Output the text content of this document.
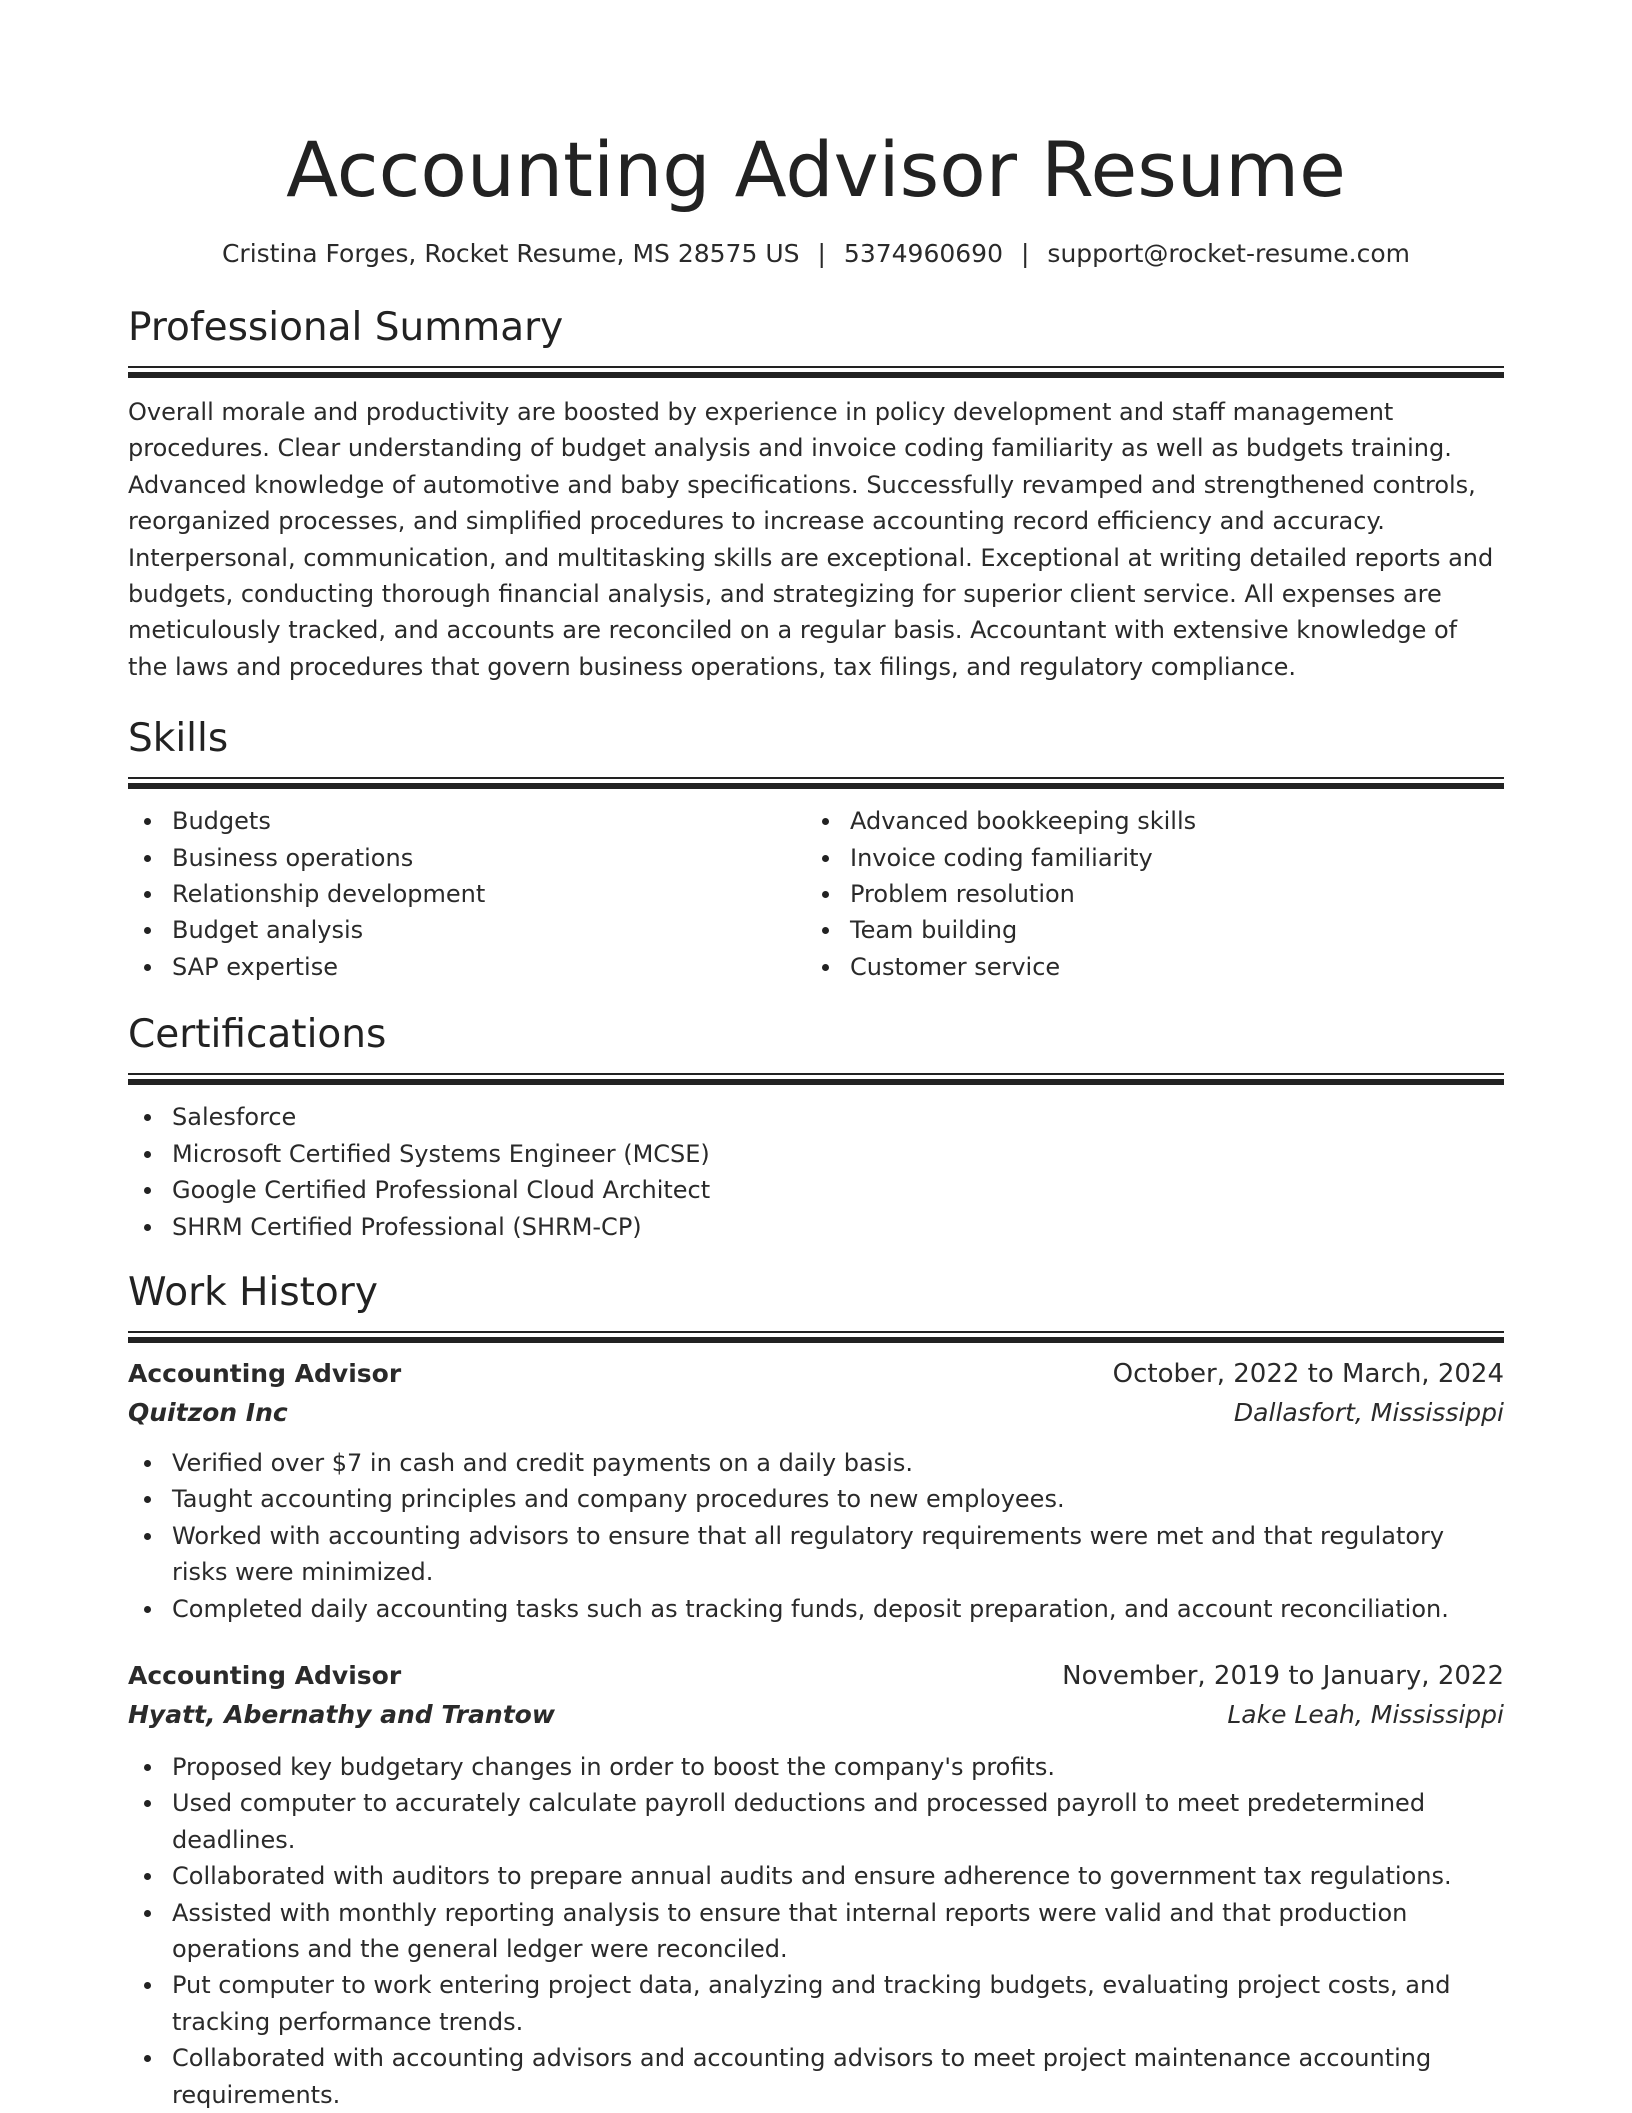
Accounting Advisor Resume
Cristina Forges, Rocket Resume, MS 28575 US | 5374960690 | support@rocket-resume.com
Professional Summary

Overall morale and productivity are boosted by experience in policy development and staff management procedures. Clear understanding of budget analysis and invoice coding familiarity as well as budgets training. Advanced knowledge of automotive and baby specifications. Successfully revamped and strengthened controls, reorganized processes, and simplified procedures to increase accounting record efficiency and accuracy. Interpersonal, communication, and multitasking skills are exceptional. Exceptional at writing detailed reports and budgets, conducting thorough financial analysis, and strategizing for superior client service. All expenses are meticulously tracked, and accounts are reconciled on a regular basis. Accountant with extensive knowledge of the laws and procedures that govern business operations, tax filings, and regulatory compliance.

Skills
Budgets
Business operations
Relationship development
Budget analysis
SAP expertise
Advanced bookkeeping skills
Invoice coding familiarity
Problem resolution
Team building
Customer service
Certifications
Salesforce
Microsoft Certified Systems Engineer (MCSE)
Google Certified Professional Cloud Architect
SHRM Certified Professional (SHRM-CP)
Work History
Accounting Advisor	October, 2022 to March, 2024
Quitzon Inc	Dallasfort, Mississippi
Verified over $7 in cash and credit payments on a daily basis.
Taught accounting principles and company procedures to new employees.
Worked with accounting advisors to ensure that all regulatory requirements were met and that regulatory risks were minimized.
Completed daily accounting tasks such as tracking funds, deposit preparation, and account reconciliation.
Accounting Advisor	November, 2019 to January, 2022
Hyatt, Abernathy and Trantow	Lake Leah, Mississippi
Proposed key budgetary changes in order to boost the company's profits.
Used computer to accurately calculate payroll deductions and processed payroll to meet predetermined deadlines.
Collaborated with auditors to prepare annual audits and ensure adherence to government tax regulations.
Assisted with monthly reporting analysis to ensure that internal reports were valid and that production operations and the general ledger were reconciled.
Put computer to work entering project data, analyzing and tracking budgets, evaluating project costs, and tracking performance trends.
Collaborated with accounting advisors and accounting advisors to meet project maintenance accounting requirements.
